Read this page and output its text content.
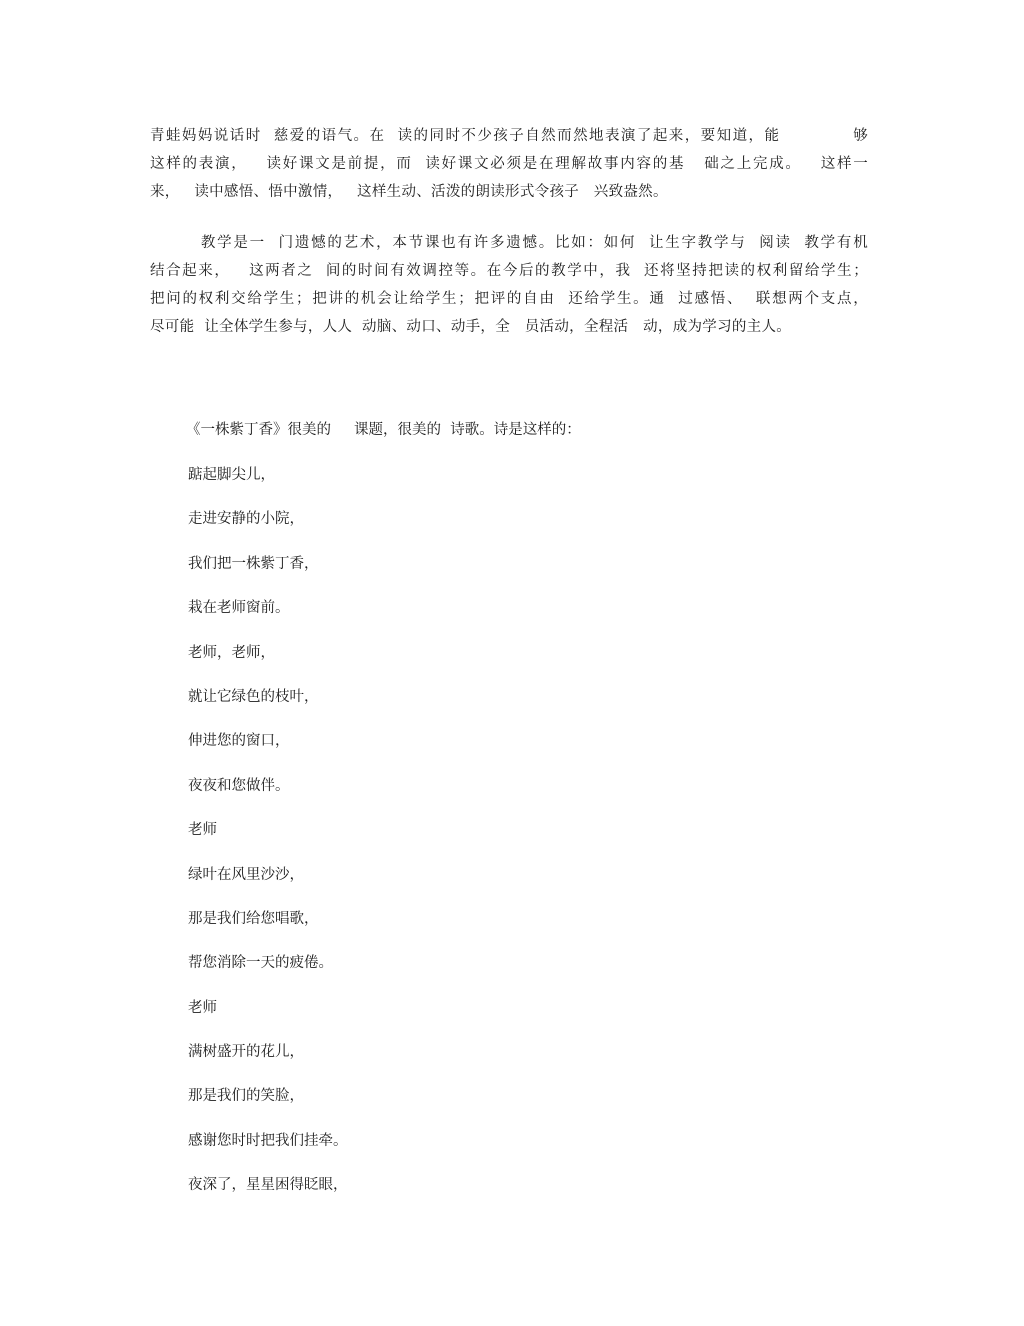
青蛙妈妈说话时  慈爱的语气。在  读的同时不少孩子自然而然地表演了起来，要知道，能            够
这样的表演，   读好课文是前提，而  读好课文必须是在理解故事内容的基   础之上完成。   这样一
来，   读中感悟、悟中激情，   这样生动、活泼的朗读形式令孩子   兴致盎然。
教学是一  门遗憾的艺术，本节课也有许多遗憾。比如：如何  让生字教学与  阅读  教学有机
结合起来，   这两者之  间的时间有效调控等。在今后的教学中，我  还将坚持把读的权利留给学生；
把问的权利交给学生；把讲的机会让给学生；把评的自由  还给学生。通  过感悟、  联想两个支点，
尽可能  让全体学生参与，人人  动脑、动口、动手，全   员活动，全程活   动，成为学习的主人。

《一株紫丁香》很美的     课题，很美的  诗歌。诗是这样的：

踮起脚尖儿，
走进安静的小院，
我们把一株紫丁香，
栽在老师窗前。
老师，老师，
就让它绿色的枝叶，
伸进您的窗口，
夜夜和您做伴。
老师
绿叶在风里沙沙，
那是我们给您唱歌，
帮您消除一天的疲倦。
老师
满树盛开的花儿，
那是我们的笑脸，
感谢您时时把我们挂牵。
夜深了，星星困得眨眼，
